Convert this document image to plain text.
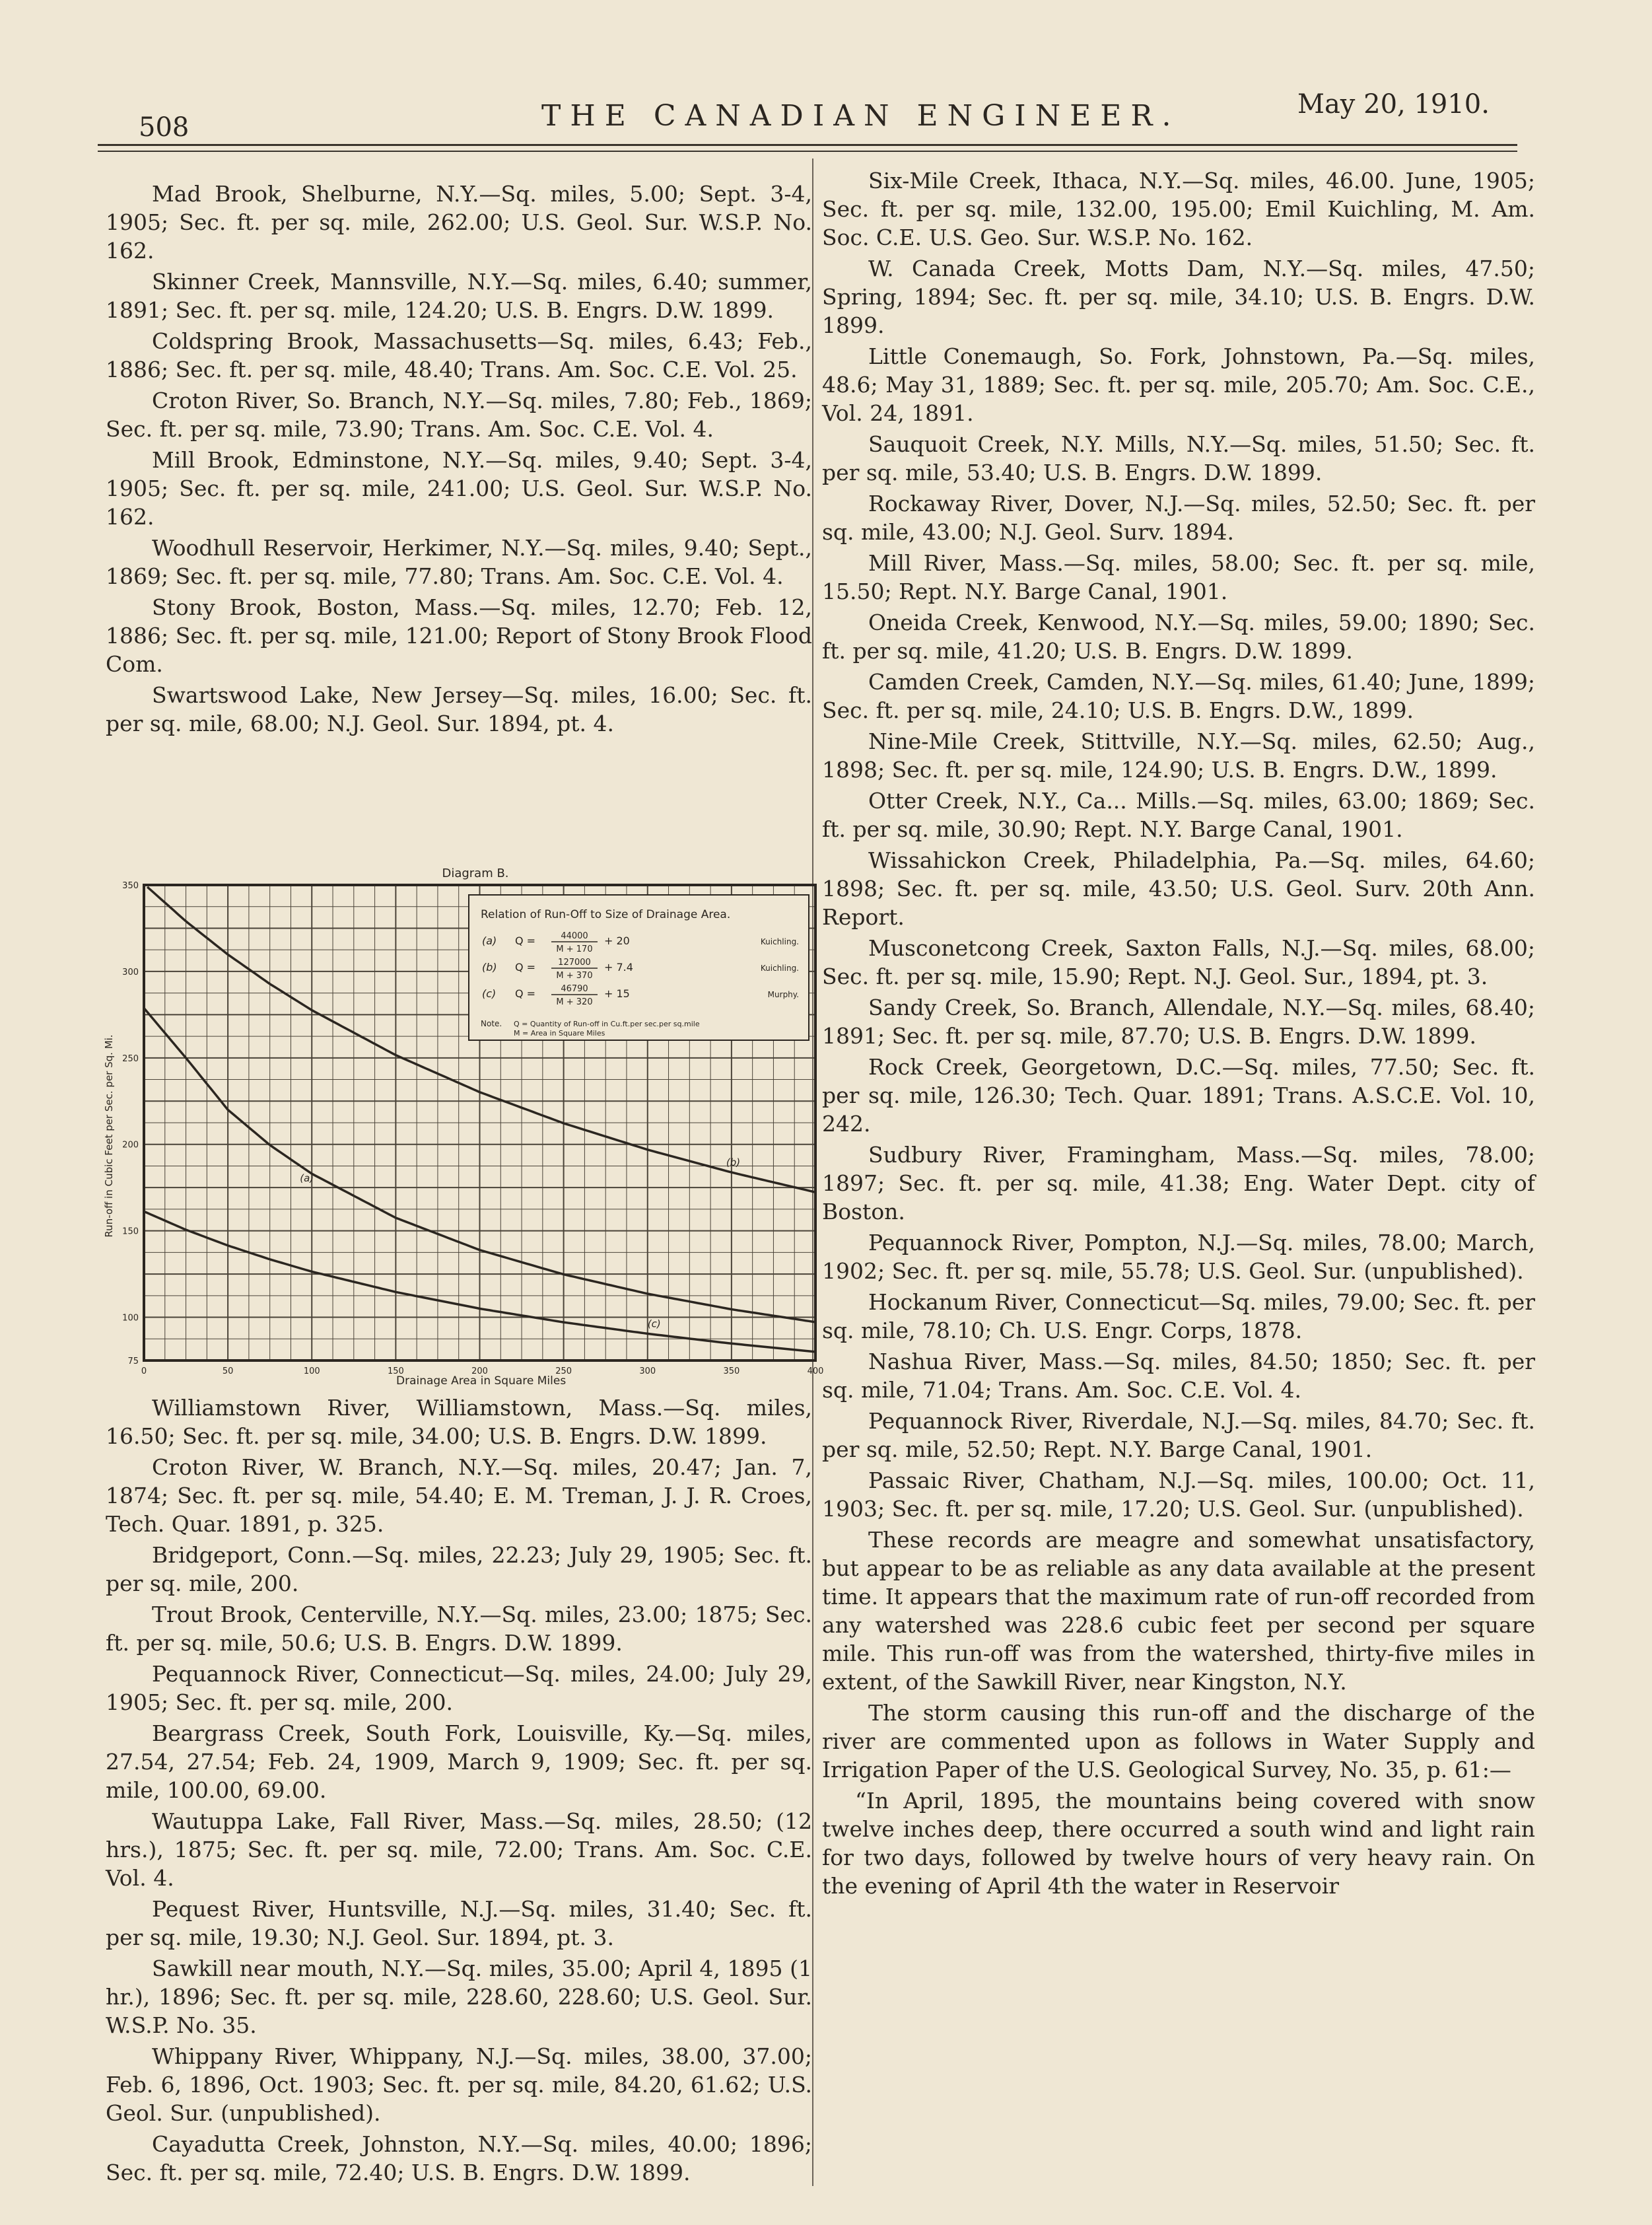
508	THE CANADIAN ENGINEER.	May 20, 1910.

Mad Brook, Shelburne, N.Y.—Sq. miles, 5.00; Sept. 3-4, 1905; Sec. ft. per sq. mile, 262.00; U.S. Geol. Sur. W.S.P. No. 162.

Skinner Creek, Mannsville, N.Y.—Sq. miles, 6.40; summer, 1891; Sec. ft. per sq. mile, 124.20; U.S. B. Engrs. D.W. 1899.

Coldspring Brook, Massachusetts—Sq. miles, 6.43; Feb., 1886; Sec. ft. per sq. mile, 48.40; Trans. Am. Soc. C.E. Vol. 25.

Croton River, So. Branch, N.Y.—Sq. miles, 7.80; Feb., 1869; Sec. ft. per sq. mile, 73.90; Trans. Am. Soc. C.E. Vol. 4.

Mill Brook, Edminstone, N.Y.—Sq. miles, 9.40; Sept. 3-4, 1905; Sec. ft. per sq. mile, 241.00; U.S. Geol. Sur. W.S.P. No. 162.

Woodhull Reservoir, Herkimer, N.Y.—Sq. miles, 9.40; Sept., 1869; Sec. ft. per sq. mile, 77.80; Trans. Am. Soc. C.E. Vol. 4.

Stony Brook, Boston, Mass.—Sq. miles, 12.70; Feb. 12, 1886; Sec. ft. per sq. mile, 121.00; Report of Stony Brook Flood Com.

Swartswood Lake, New Jersey—Sq. miles, 16.00; Sec. ft. per sq. mile, 68.00; N.J. Geol. Sur. 1894, pt. 4.

Diagram B.
0	50	100	150	200	250	300	350	400
75
100
150
200
250
300
350
Drainage Area in Square Miles
Run-off in Cubic Feet per Sec. per Sq. Mi.
Relation of Run-Off to Size of Drainage Area.
(a) Q =	44000
M + 170
+ 20	Kuichling.
(b) Q =	127000
M + 370
+ 7.4	Kuichling.
(c) Q =	46790
M + 320
+ 15	Murphy.
Note. Q = Quantity of Run-off in Cu.ft.per sec.per sq.mile
M = Area in Square Miles
(a)
(b)
(c)

Williamstown River, Williamstown, Mass.—Sq. miles, 16.50; Sec. ft. per sq. mile, 34.00; U.S. B. Engrs. D.W. 1899.

Croton River, W. Branch, N.Y.—Sq. miles, 20.47; Jan. 7, 1874; Sec. ft. per sq. mile, 54.40; E. M. Treman, J. J. R. Croes, Tech. Quar. 1891, p. 325.

Bridgeport, Conn.—Sq. miles, 22.23; July 29, 1905; Sec. ft. per sq. mile, 200.

Trout Brook, Centerville, N.Y.—Sq. miles, 23.00; 1875; Sec. ft. per sq. mile, 50.6; U.S. B. Engrs. D.W. 1899.

Pequannock River, Connecticut—Sq. miles, 24.00; July 29, 1905; Sec. ft. per sq. mile, 200.

Beargrass Creek, South Fork, Louisville, Ky.—Sq. miles, 27.54, 27.54; Feb. 24, 1909, March 9, 1909; Sec. ft. per sq. mile, 100.00, 69.00.

Wautuppa Lake, Fall River, Mass.—Sq. miles, 28.50; (12 hrs.), 1875; Sec. ft. per sq. mile, 72.00; Trans. Am. Soc. C.E. Vol. 4.

Pequest River, Huntsville, N.J.—Sq. miles, 31.40; Sec. ft. per sq. mile, 19.30; N.J. Geol. Sur. 1894, pt. 3.

Sawkill near mouth, N.Y.—Sq. miles, 35.00; April 4, 1895 (1 hr.), 1896; Sec. ft. per sq. mile, 228.60, 228.60; U.S. Geol. Sur. W.S.P. No. 35.

Whippany River, Whippany, N.J.—Sq. miles, 38.00, 37.00; Feb. 6, 1896, Oct. 1903; Sec. ft. per sq. mile, 84.20, 61.62; U.S. Geol. Sur. (unpublished).

Cayadutta Creek, Johnston, N.Y.—Sq. miles, 40.00; 1896; Sec. ft. per sq. mile, 72.40; U.S. B. Engrs. D.W. 1899.

Six-Mile Creek, Ithaca, N.Y.—Sq. miles, 46.00. June, 1905; Sec. ft. per sq. mile, 132.00, 195.00; Emil Kuichling, M. Am. Soc. C.E. U.S. Geo. Sur. W.S.P. No. 162.

W. Canada Creek, Motts Dam, N.Y.—Sq. miles, 47.50; Spring, 1894; Sec. ft. per sq. mile, 34.10; U.S. B. Engrs. D.W. 1899.

Little Conemaugh, So. Fork, Johnstown, Pa.—Sq. miles, 48.6; May 31, 1889; Sec. ft. per sq. mile, 205.70; Am. Soc. C.E., Vol. 24, 1891.

Sauquoit Creek, N.Y. Mills, N.Y.—Sq. miles, 51.50; Sec. ft. per sq. mile, 53.40; U.S. B. Engrs. D.W. 1899.

Rockaway River, Dover, N.J.—Sq. miles, 52.50; Sec. ft. per sq. mile, 43.00; N.J. Geol. Surv. 1894.

Mill River, Mass.—Sq. miles, 58.00; Sec. ft. per sq. mile, 15.50; Rept. N.Y. Barge Canal, 1901.

Oneida Creek, Kenwood, N.Y.—Sq. miles, 59.00; 1890; Sec. ft. per sq. mile, 41.20; U.S. B. Engrs. D.W. 1899.

Camden Creek, Camden, N.Y.—Sq. miles, 61.40; June, 1899; Sec. ft. per sq. mile, 24.10; U.S. B. Engrs. D.W., 1899.

Nine-Mile Creek, Stittville, N.Y.—Sq. miles, 62.50; Aug., 1898; Sec. ft. per sq. mile, 124.90; U.S. B. Engrs. D.W., 1899.

Otter Creek, N.Y., Ca... Mills.—Sq. miles, 63.00; 1869; Sec. ft. per sq. mile, 30.90; Rept. N.Y. Barge Canal, 1901.

Wissahickon Creek, Philadelphia, Pa.—Sq. miles, 64.60; 1898; Sec. ft. per sq. mile, 43.50; U.S. Geol. Surv. 20th Ann. Report.

Musconetcong Creek, Saxton Falls, N.J.—Sq. miles, 68.00; Sec. ft. per sq. mile, 15.90; Rept. N.J. Geol. Sur., 1894, pt. 3.

Sandy Creek, So. Branch, Allendale, N.Y.—Sq. miles, 68.40; 1891; Sec. ft. per sq. mile, 87.70; U.S. B. Engrs. D.W. 1899.

Rock Creek, Georgetown, D.C.—Sq. miles, 77.50; Sec. ft. per sq. mile, 126.30; Tech. Quar. 1891; Trans. A.S.C.E. Vol. 10, 242.

Sudbury River, Framingham, Mass.—Sq. miles, 78.00; 1897; Sec. ft. per sq. mile, 41.38; Eng. Water Dept. city of Boston.

Pequannock River, Pompton, N.J.—Sq. miles, 78.00; March, 1902; Sec. ft. per sq. mile, 55.78; U.S. Geol. Sur. (unpublished).

Hockanum River, Connecticut—Sq. miles, 79.00; Sec. ft. per sq. mile, 78.10; Ch. U.S. Engr. Corps, 1878.

Nashua River, Mass.—Sq. miles, 84.50; 1850; Sec. ft. per sq. mile, 71.04; Trans. Am. Soc. C.E. Vol. 4.

Pequannock River, Riverdale, N.J.—Sq. miles, 84.70; Sec. ft. per sq. mile, 52.50; Rept. N.Y. Barge Canal, 1901.

Passaic River, Chatham, N.J.—Sq. miles, 100.00; Oct. 11, 1903; Sec. ft. per sq. mile, 17.20; U.S. Geol. Sur. (unpublished).

These records are meagre and somewhat unsatisfactory, but appear to be as reliable as any data available at the present time. It appears that the maximum rate of run-off recorded from any watershed was 228.6 cubic feet per second per square mile. This run-off was from the watershed, thirty-five miles in extent, of the Sawkill River, near Kingston, N.Y.

The storm causing this run-off and the discharge of the river are commented upon as follows in Water Supply and Irrigation Paper of the U.S. Geological Survey, No. 35, p. 61:—

“In April, 1895, the mountains being covered with snow twelve inches deep, there occurred a south wind and light rain for two days, followed by twelve hours of very heavy rain. On the evening of April 4th the water in Reservoir
